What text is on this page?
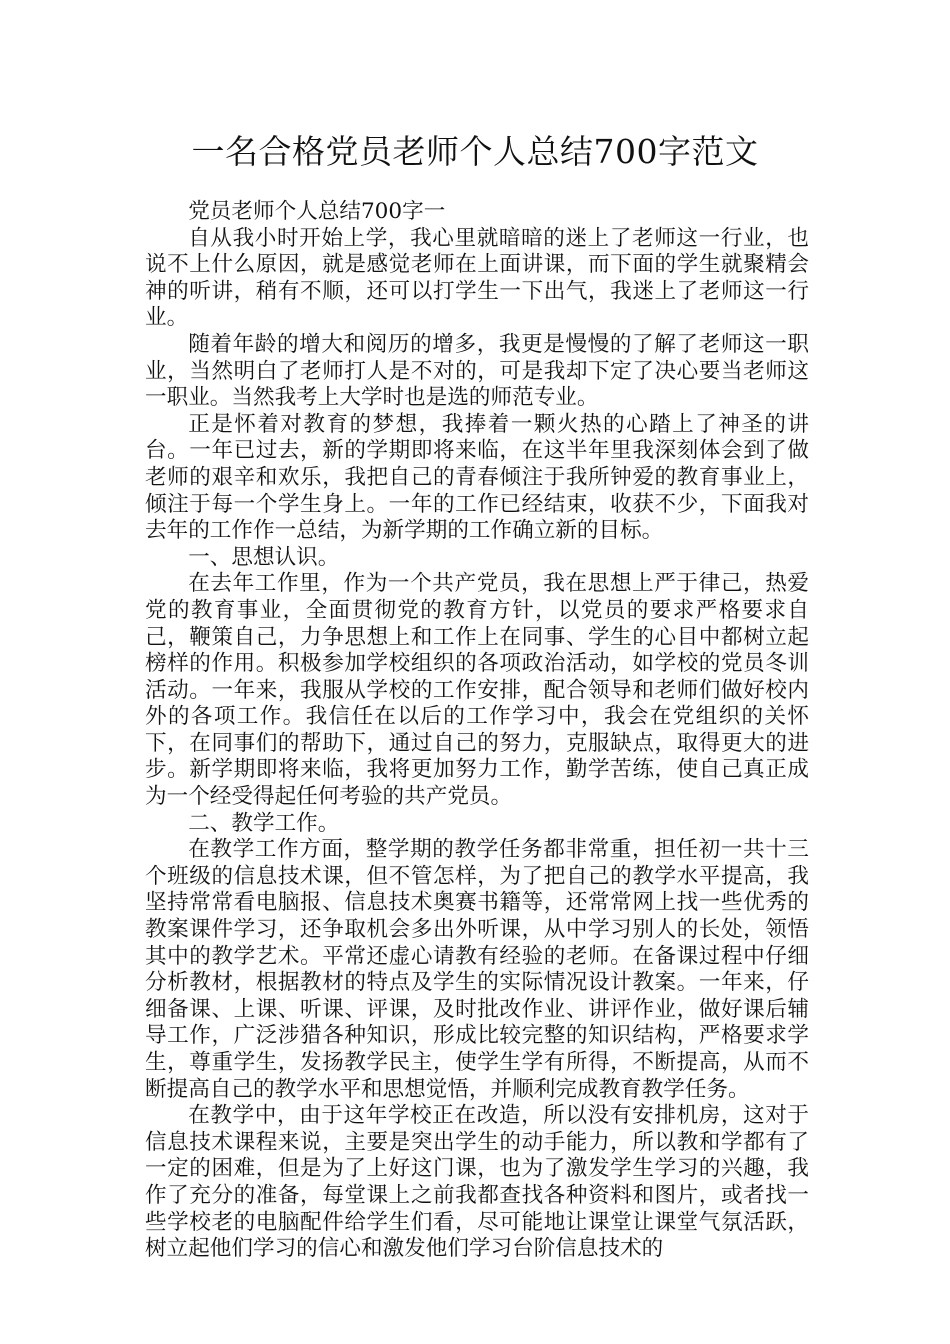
一名合格党员老师个人总结700字范文

党员老师个人总结700字一

自从我小时开始上学，我心里就暗暗的迷上了老师这一行业，也说不上什么原因，就是感觉老师在上面讲课，而下面的学生就聚精会神的听讲，稍有不顺，还可以打学生一下出气，我迷上了老师这一行业。

随着年龄的增大和阅历的增多，我更是慢慢的了解了老师这一职业，当然明白了老师打人是不对的，可是我却下定了决心要当老师这一职业。当然我考上大学时也是选的师范专业。

正是怀着对教育的梦想，我捧着一颗火热的心踏上了神圣的讲台。一年已过去，新的学期即将来临，在这半年里我深刻体会到了做老师的艰辛和欢乐，我把自己的青春倾注于我所钟爱的教育事业上，倾注于每一个学生身上。一年的工作已经结束，收获不少，下面我对去年的工作作一总结，为新学期的工作确立新的目标。

一、思想认识。

在去年工作里，作为一个共产党员，我在思想上严于律己，热爱党的教育事业，全面贯彻党的教育方针，以党员的要求严格要求自己，鞭策自己，力争思想上和工作上在同事、学生的心目中都树立起榜样的作用。积极参加学校组织的各项政治活动，如学校的党员冬训活动。一年来，我服从学校的工作安排，配合领导和老师们做好校内外的各项工作。我信任在以后的工作学习中，我会在党组织的关怀下，在同事们的帮助下，通过自己的努力，克服缺点，取得更大的进步。新学期即将来临，我将更加努力工作，勤学苦练，使自己真正成为一个经受得起任何考验的共产党员。

二、教学工作。

在教学工作方面，整学期的教学任务都非常重，担任初一共十三个班级的信息技术课，但不管怎样，为了把自己的教学水平提高，我坚持常常看电脑报、信息技术奥赛书籍等，还常常网上找一些优秀的教案课件学习，还争取机会多出外听课，从中学习别人的长处，领悟其中的教学艺术。平常还虚心请教有经验的老师。在备课过程中仔细分析教材，根据教材的特点及学生的实际情况设计教案。一年来，仔细备课、上课、听课、评课，及时批改作业、讲评作业，做好课后辅导工作，广泛涉猎各种知识，形成比较完整的知识结构，严格要求学生，尊重学生，发扬教学民主，使学生学有所得，不断提高，从而不断提高自己的教学水平和思想觉悟，并顺利完成教育教学任务。

在教学中，由于这年学校正在改造，所以没有安排机房，这对于信息技术课程来说，主要是突出学生的动手能力，所以教和学都有了一定的困难，但是为了上好这门课，也为了激发学生学习的兴趣，我作了充分的准备，每堂课上之前我都查找各种资料和图片，或者找一些学校老的电脑配件给学生们看，尽可能地让课堂让课堂气氛活跃，树立起他们学习的信心和激发他们学习台阶信息技术的
